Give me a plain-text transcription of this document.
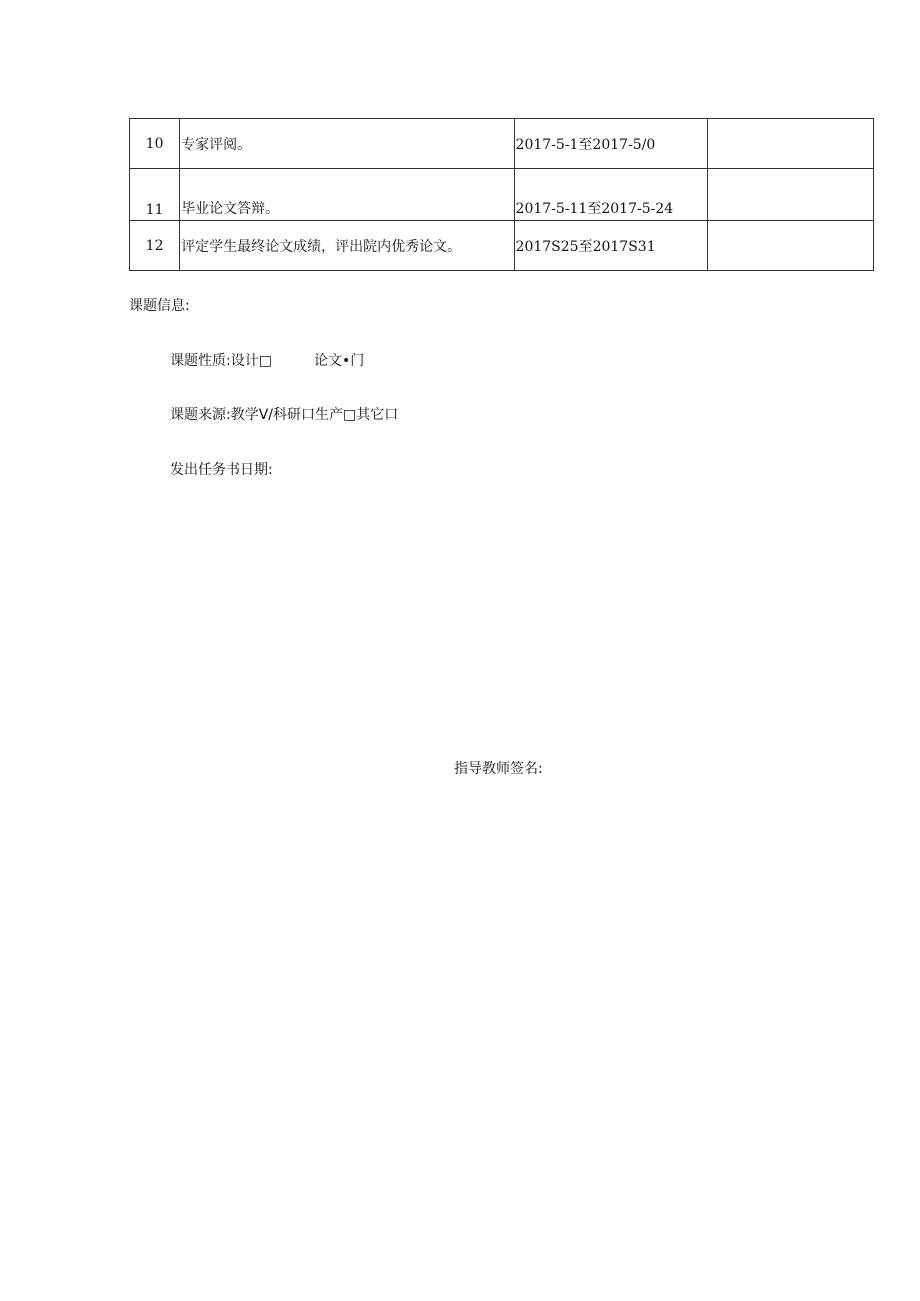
10	专家评阅。	2017-5-1至2017-5/0	
11	毕业论文答辩。	2017-5-11至2017-5-24	
12	评定学生最终论文成绩，评出院内优秀论文。	2017S25至2017S31	
课题信息:
课题性质:设计□	论文•门
课题来源:教学V/科研口生产□其它口
发出任务书日期:
指导教师签名:
